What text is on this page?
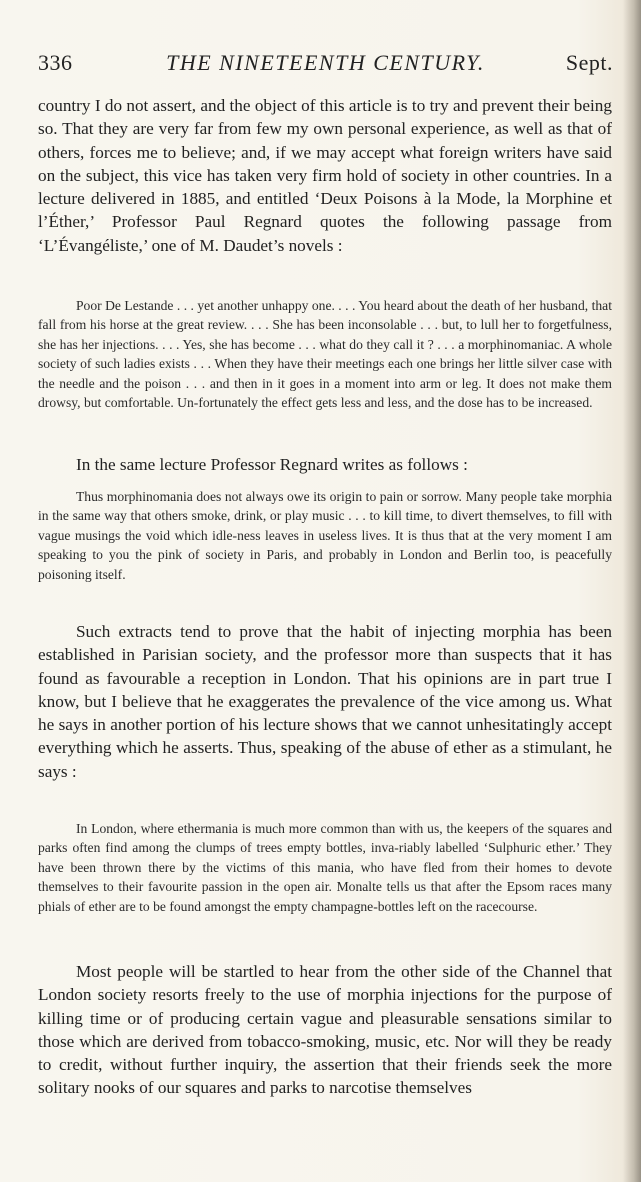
336	THE NINETEENTH CENTURY.	Sept.

country I do not assert, and the object of this article is to try and prevent their being so. That they are very far from few my own personal experience, as well as that of others, forces me to believe; and, if we may accept what foreign writers have said on the subject, this vice has taken very firm hold of society in other countries. In a lecture delivered in 1885, and entitled ‘Deux Poisons à la Mode, la Morphine et l’Éther,’ Professor Paul Regnard quotes the following passage from ‘L’Évangéliste,’ one of M. Daudet’s novels :

Poor De Lestande . . . yet another unhappy one. . . . You heard about the death of her husband, that fall from his horse at the great review. . . . She has been inconsolable . . . but, to lull her to forgetfulness, she has her injections. . . . Yes, she has become . . . what do they call it ? . . . a morphinomaniac. A whole society of such ladies exists . . . When they have their meetings each one brings her little silver case with the needle and the poison . . . and then in it goes in a moment into arm or leg. It does not make them drowsy, but comfortable. Un-fortunately the effect gets less and less, and the dose has to be increased.

In the same lecture Professor Regnard writes as follows :

Thus morphinomania does not always owe its origin to pain or sorrow. Many people take morphia in the same way that others smoke, drink, or play music . . . to kill time, to divert themselves, to fill with vague musings the void which idle-ness leaves in useless lives. It is thus that at the very moment I am speaking to you the pink of society in Paris, and probably in London and Berlin too, is peacefully poisoning itself.

Such extracts tend to prove that the habit of injecting morphia has been established in Parisian society, and the professor more than suspects that it has found as favourable a reception in London. That his opinions are in part true I know, but I believe that he exaggerates the prevalence of the vice among us. What he says in another portion of his lecture shows that we cannot unhesitatingly accept everything which he asserts. Thus, speaking of the abuse of ether as a stimulant, he says :

In London, where ethermania is much more common than with us, the keepers of the squares and parks often find among the clumps of trees empty bottles, inva-riably labelled ‘Sulphuric ether.’ They have been thrown there by the victims of this mania, who have fled from their homes to devote themselves to their favourite passion in the open air. Monalte tells us that after the Epsom races many phials of ether are to be found amongst the empty champagne-bottles left on the racecourse.

Most people will be startled to hear from the other side of the Channel that London society resorts freely to the use of morphia injections for the purpose of killing time or of producing certain vague and pleasurable sensations similar to those which are derived from tobacco-smoking, music, etc. Nor will they be ready to credit, without further inquiry, the assertion that their friends seek the more solitary nooks of our squares and parks to narcotise themselves
